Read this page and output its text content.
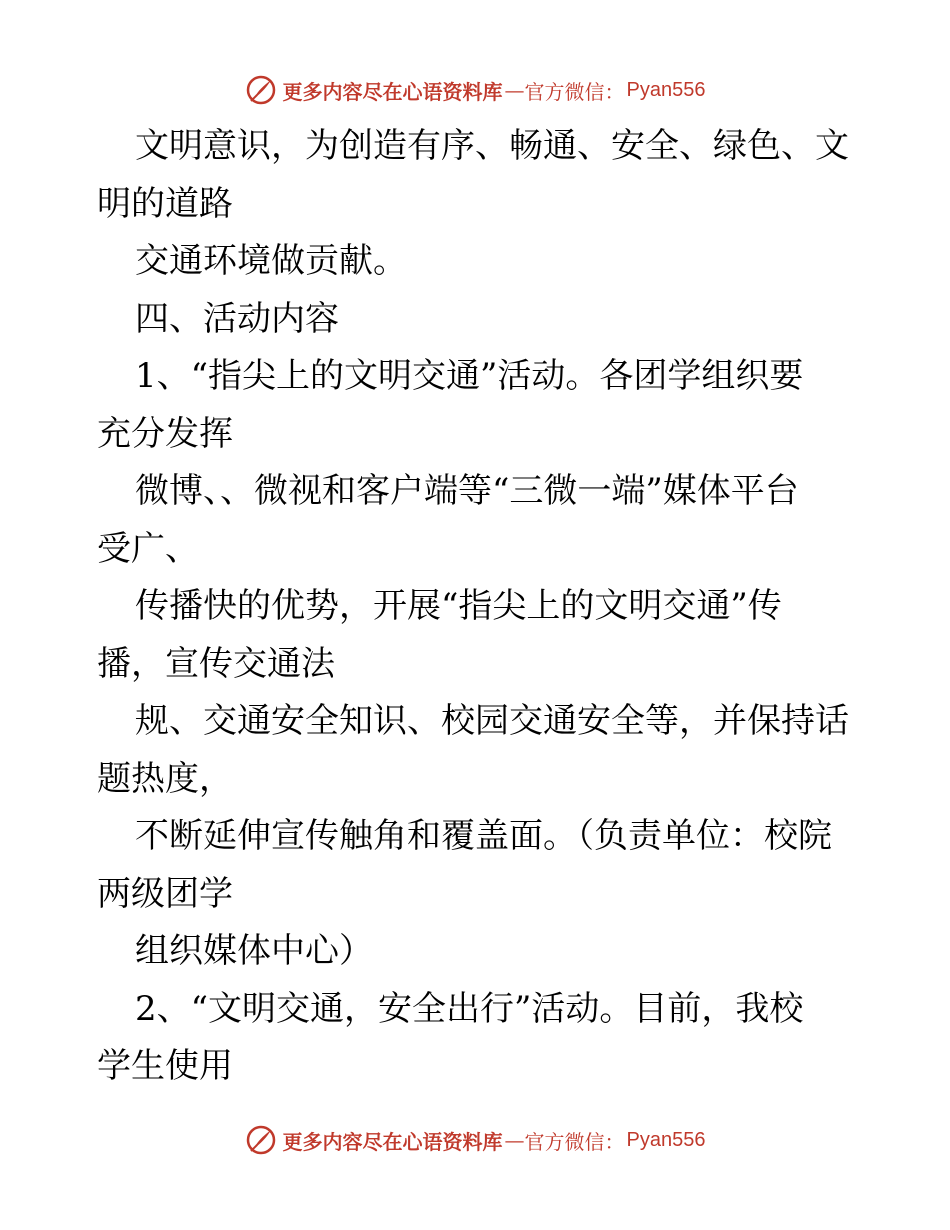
更多内容尽在心语资料库 — 官方微信： Pyan556
文明意识，为创造有序、畅通、安全、绿色、文
明的道路
交通环境做贡献。
四、活动内容
1、“指尖上的文明交通”活动。各团学组织要
充分发挥
微博、、微视和客户端等“三微一端”媒体平台
受广、
传播快的优势，开展“指尖上的文明交通”传
播，宣传交通法
规、交通安全知识、校园交通安全等，并保持话
题热度，
不断延伸宣传触角和覆盖面。（负责单位：校院
两级团学
组织媒体中心）
2、“文明交通，安全出行”活动。目前，我校
学生使用
更多内容尽在心语资料库 — 官方微信： Pyan556
